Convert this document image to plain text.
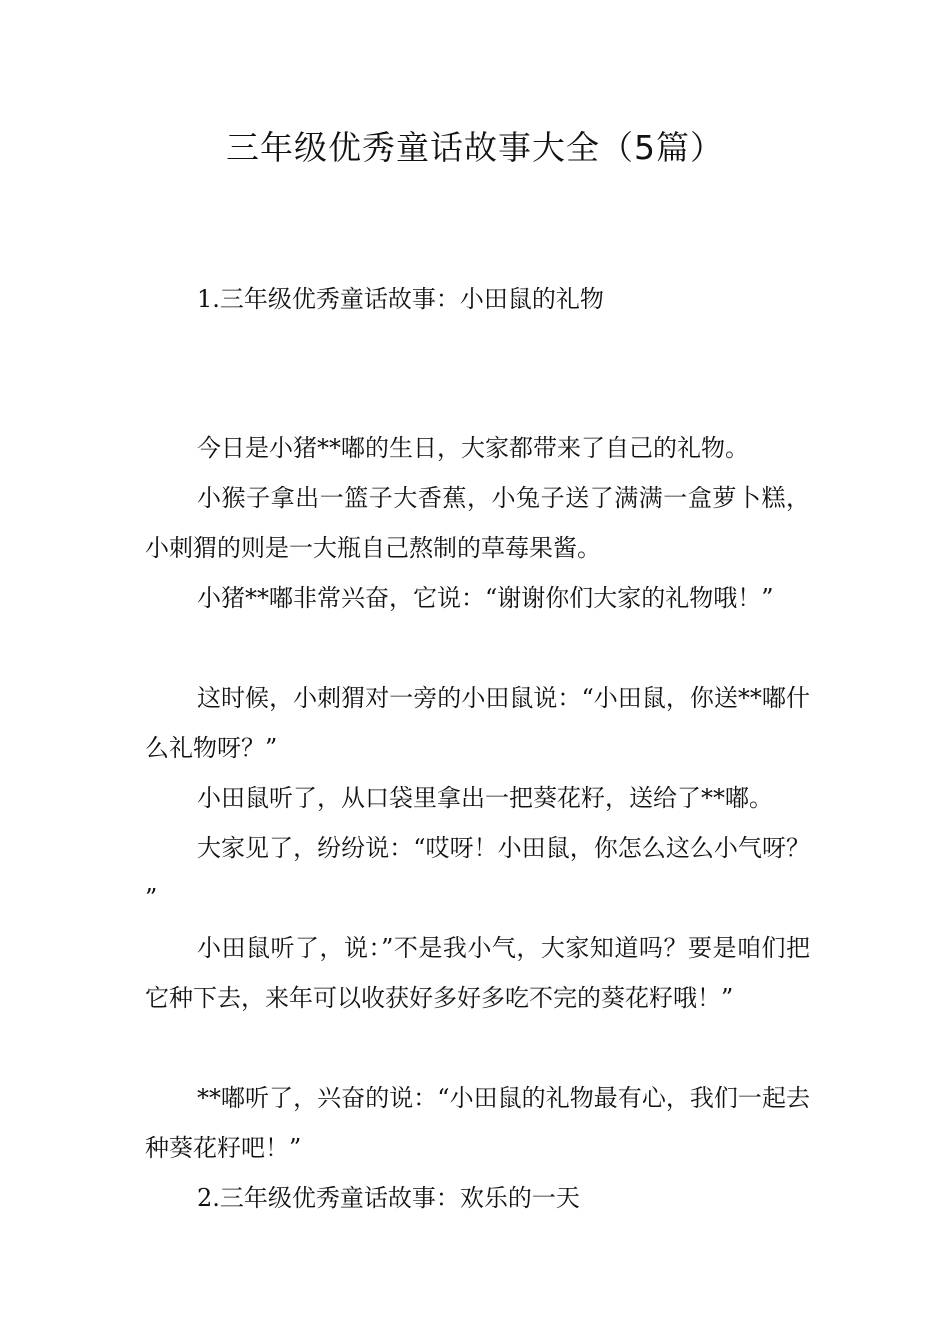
三年级优秀童话故事大全（5篇）
1.三年级优秀童话故事：小田鼠的礼物

今日是小猪**嘟的生日，大家都带来了自己的礼物。

小猴子拿出一篮子大香蕉，小兔子送了满满一盒萝卜糕，小刺猬的则是一大瓶自己熬制的草莓果酱。

小猪**嘟非常兴奋，它说：“谢谢你们大家的礼物哦！”

这时候，小刺猬对一旁的小田鼠说：“小田鼠，你送**嘟什么礼物呀？”

小田鼠听了，从口袋里拿出一把葵花籽，送给了**嘟。

大家见了，纷纷说：“哎呀！小田鼠，你怎么这么小气呀？”

小田鼠听了，说：”不是我小气，大家知道吗？要是咱们把它种下去，来年可以收获好多好多吃不完的葵花籽哦！”

**嘟听了，兴奋的说：“小田鼠的礼物最有心，我们一起去种葵花籽吧！”

2.三年级优秀童话故事：欢乐的一天
